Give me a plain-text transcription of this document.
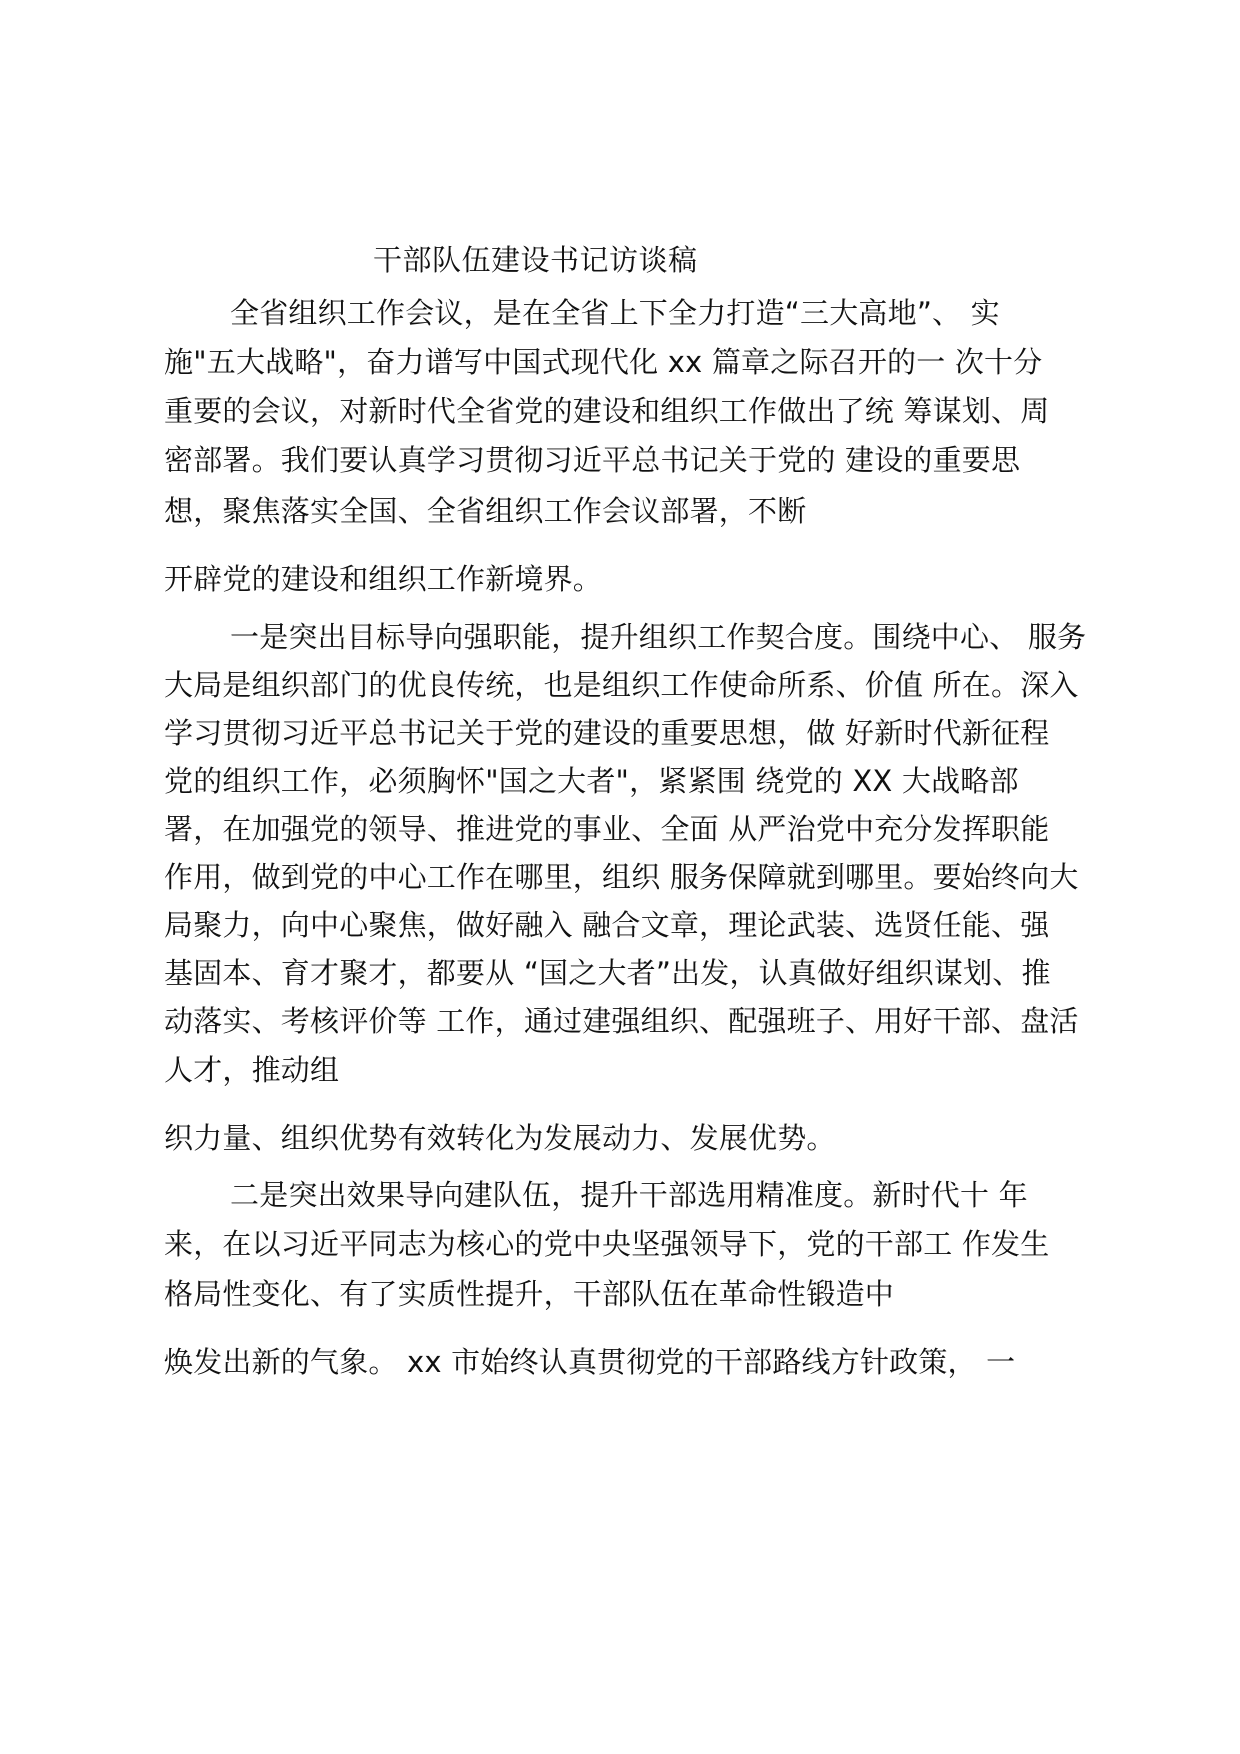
干部队伍建设书记访谈稿
全省组织工作会议，是在全省上下全力打造“三大高地”、 实
施"五大战略"，奋力谱写中国式现代化 xx 篇章之际召开的一 次十分
重要的会议，对新时代全省党的建设和组织工作做出了统 筹谋划、周
密部署。我们要认真学习贯彻习近平总书记关于党的 建设的重要思
想，聚焦落实全国、全省组织工作会议部署，不断
开辟党的建设和组织工作新境界。
一是突出目标导向强职能，提升组织工作契合度。围绕中心、 服务
大局是组织部门的优良传统，也是组织工作使命所系、价值 所在。深入
学习贯彻习近平总书记关于党的建设的重要思想，做 好新时代新征程
党的组织工作，必须胸怀"国之大者"，紧紧围 绕党的 XX 大战略部
署，在加强党的领导、推进党的事业、全面 从严治党中充分发挥职能
作用，做到党的中心工作在哪里，组织 服务保障就到哪里。要始终向大
局聚力，向中心聚焦，做好融入 融合文章，理论武装、选贤任能、强
基固本、育才聚才，都要从 “国之大者”出发，认真做好组织谋划、推
动落实、考核评价等 工作，通过建强组织、配强班子、用好干部、盘活
人才，推动组
织力量、组织优势有效转化为发展动力、发展优势。
二是突出效果导向建队伍，提升干部选用精准度。新时代十 年
来，在以习近平同志为核心的党中央坚强领导下，党的干部工 作发生
格局性变化、有了实质性提升，干部队伍在革命性锻造中
焕发出新的气象。 xx 市始终认真贯彻党的干部路线方针政策， 一
